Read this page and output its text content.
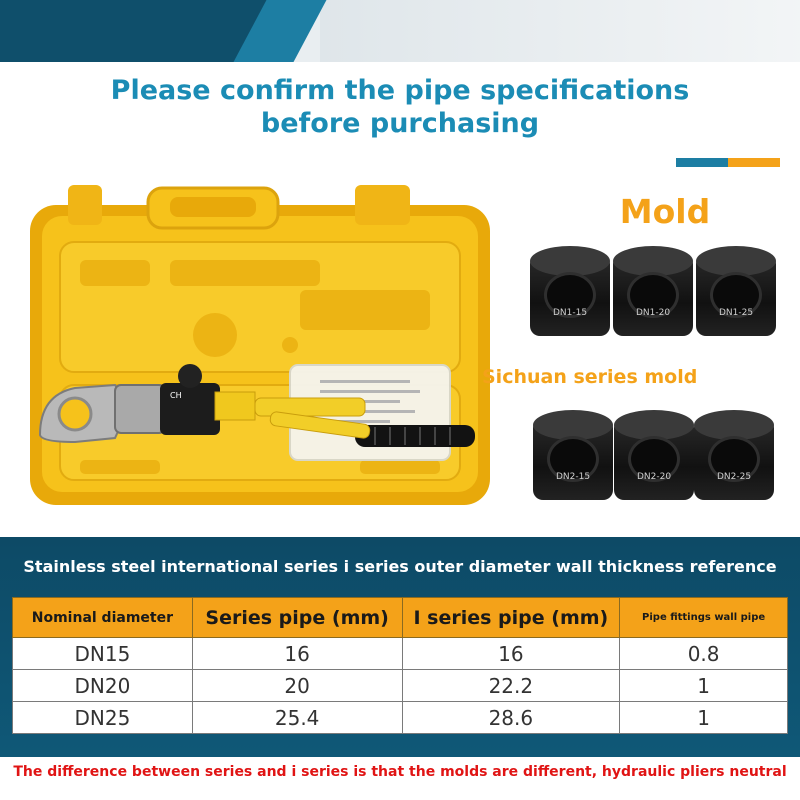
Please confirm the pipe specifications before purchasing
CH
Mold
DN1-15	DN1-20	DN1-25
Sichuan series mold
DN2-15	DN2-20	DN2-25
Stainless steel international series i series outer diameter wall thickness reference
Nominal diameter	Series pipe (mm)	I series pipe (mm)	Pipe fittings wall pipe
DN15	16	16	0.8
DN20	20	22.2	1
DN25	25.4	28.6	1
The difference between series and i series is that the molds are different, hydraulic pliers neutral
